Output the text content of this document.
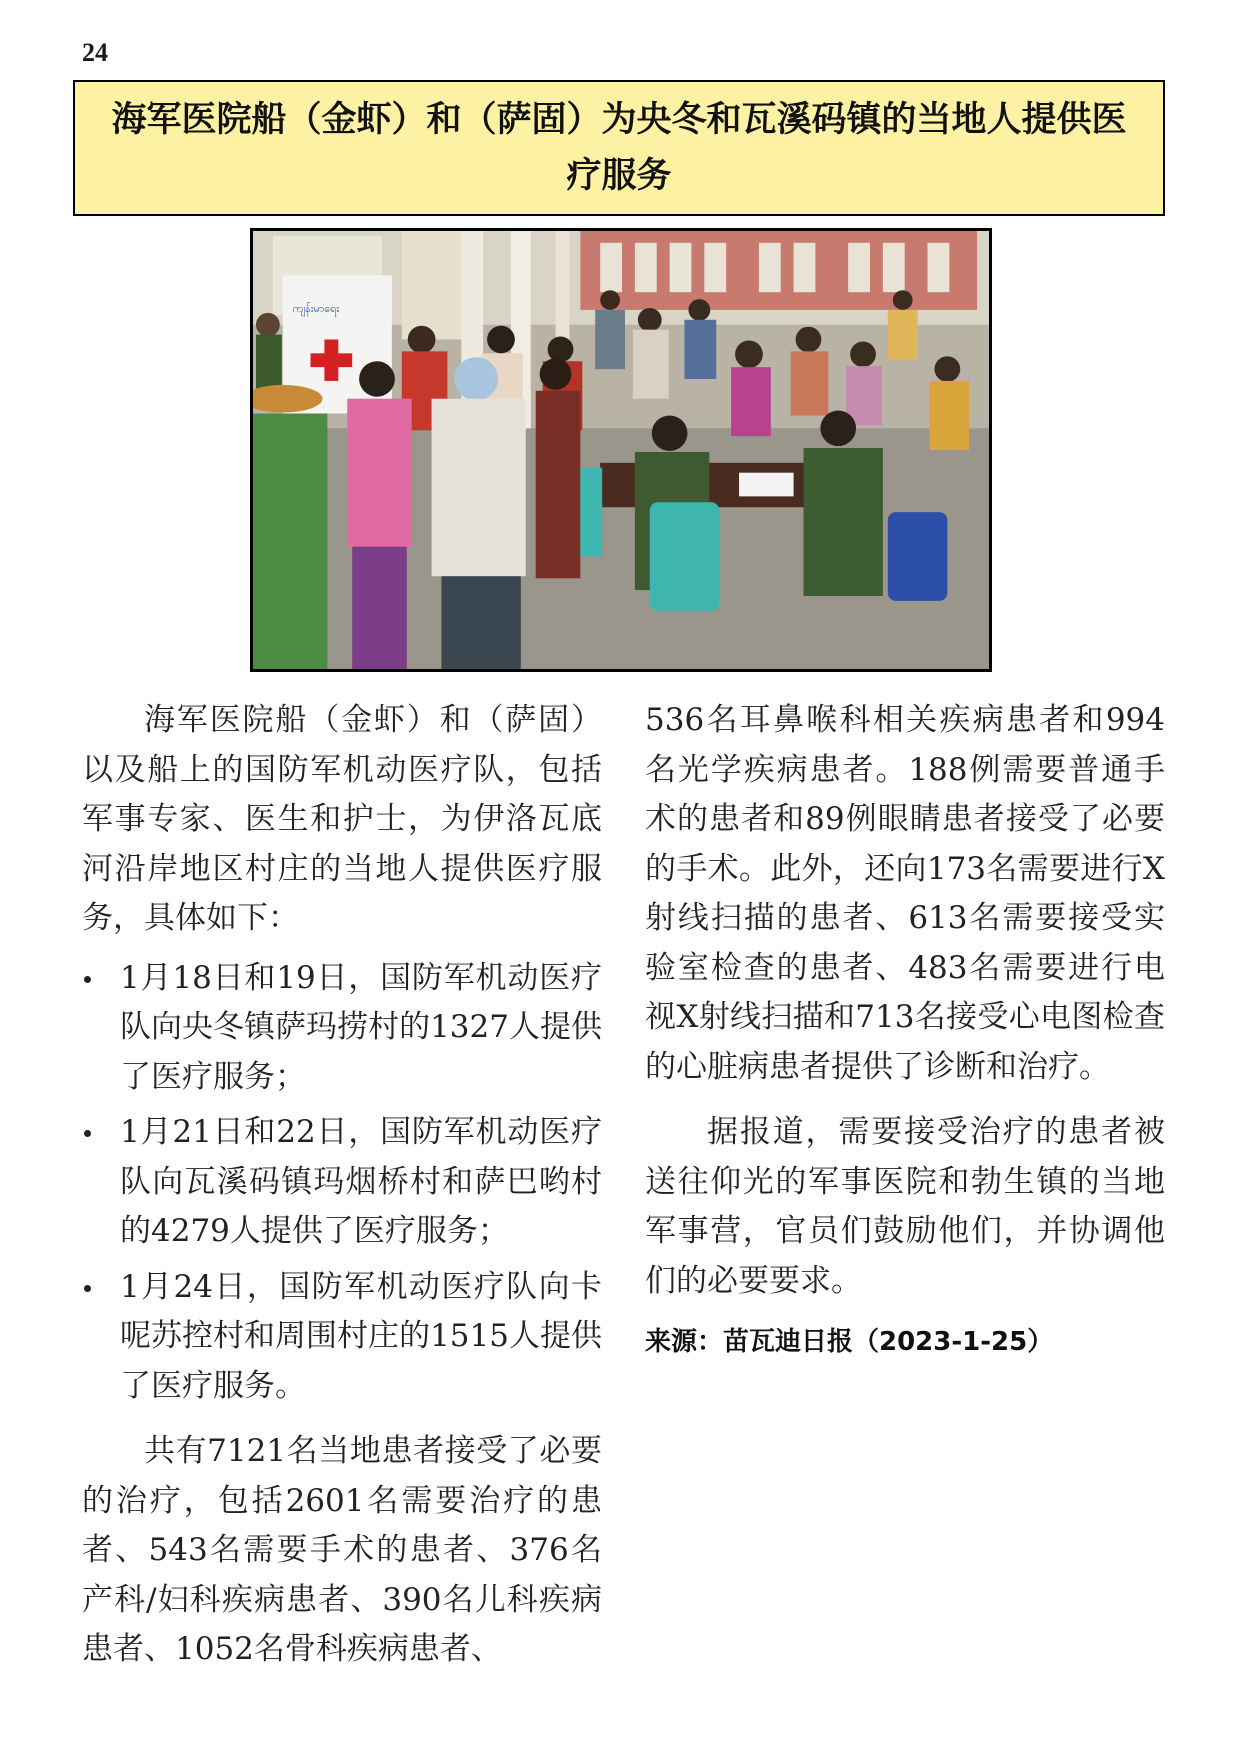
24
海军医院船（金虾）和（萨固）为央冬和瓦溪码镇的当地人提供医疗服务
ကျန်းမာရေး

海军医院船（金虾）和（萨固）以及船上的国防军机动医疗队，包括军事专家、医生和护士，为伊洛瓦底河沿岸地区村庄的当地人提供医疗服务，具体如下：

1月18日和19日，国防军机动医疗队向央冬镇萨玛捞村的1327人提供了医疗服务；
1月21日和22日，国防军机动医疗队向瓦溪码镇玛烟桥村和萨巴哟村的4279人提供了医疗服务；
1月24日，国防军机动医疗队向卡呢苏控村和周围村庄的1515人提供了医疗服务。

共有7121名当地患者接受了必要的治疗，包括2601名需要治疗的患者、543名需要手术的患者、376名产科/妇科疾病患者、390名儿科疾病患者、1052名骨科疾病患者、

536名耳鼻喉科相关疾病患者和994名光学疾病患者。188例需要普通手术的患者和89例眼睛患者接受了必要的手术。此外，还向173名需要进行X射线扫描的患者、613名需要接受实验室检查的患者、483名需要进行电视X射线扫描和713名接受心电图检查的心脏病患者提供了诊断和治疗。

据报道，需要接受治疗的患者被送往仰光的军事医院和勃生镇的当地军事营，官员们鼓励他们，并协调他们的必要要求。

来源：苗瓦迪日报（2023-1-25）
